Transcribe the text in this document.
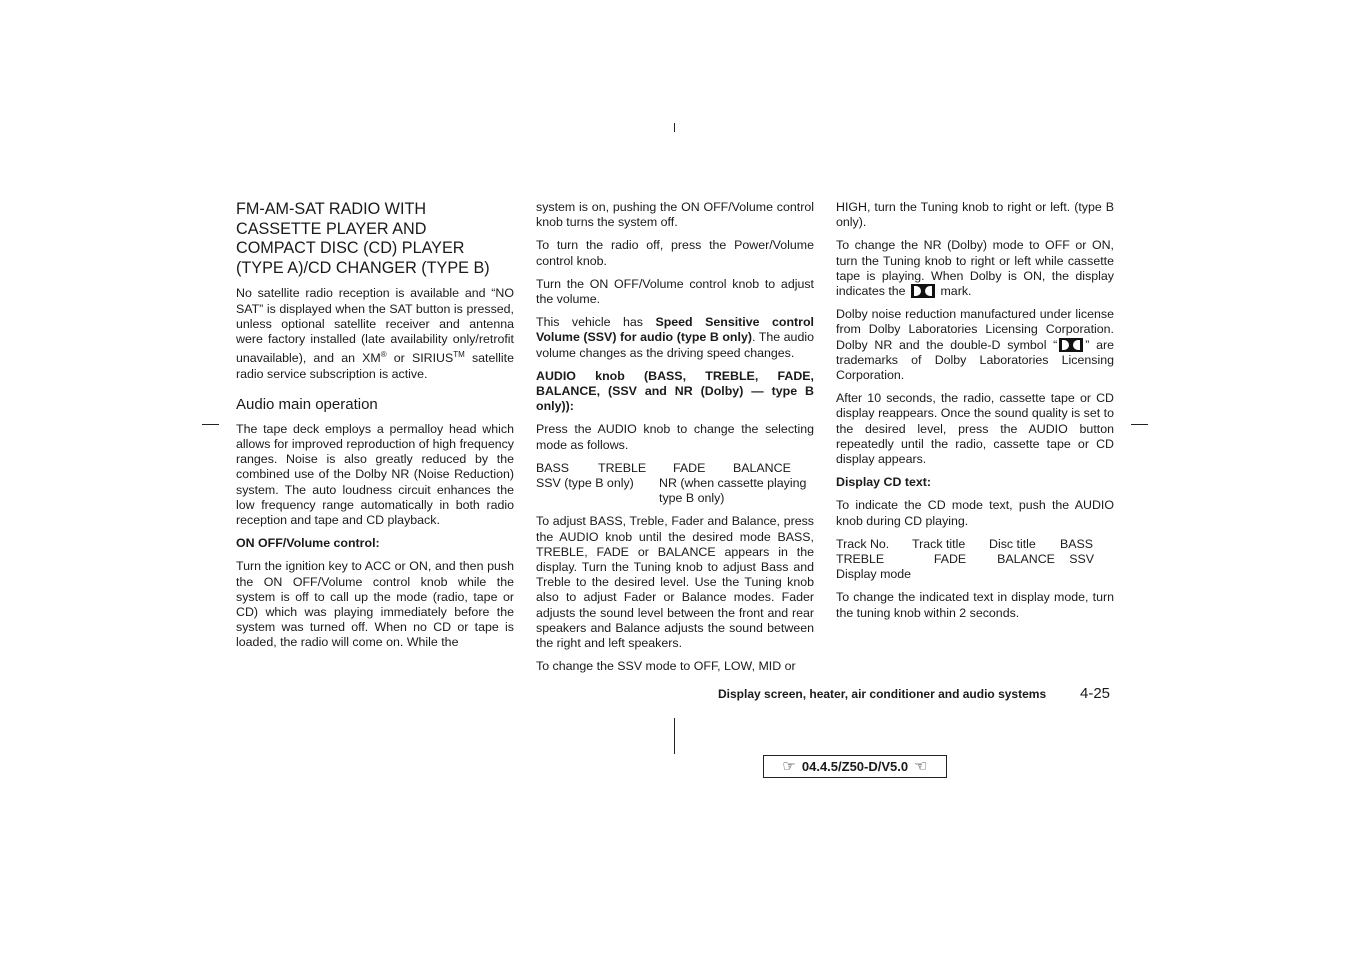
FM-AM-SAT RADIO WITH
CASSETTE PLAYER AND
COMPACT DISC (CD) PLAYER
(TYPE A)/CD CHANGER (TYPE B)

No satellite radio reception is available and “NO SAT” is displayed when the SAT button is pressed, unless optional satellite receiver and antenna were factory installed (late availability only/retrofit unavailable), and an XM® or SIRIUS™ satellite radio service subscription is active.

Audio main operation

The tape deck employs a permalloy head which allows for improved reproduction of high frequency ranges. Noise is also greatly reduced by the combined use of the Dolby NR (Noise Reduction) system. The auto loudness circuit enhances the low frequency range automatically in both radio reception and tape and CD playback.

ON OFF/Volume control:

Turn the ignition key to ACC or ON, and then push the ON OFF/Volume control knob while the system is off to call up the mode (radio, tape or CD) which was playing immediately before the system was turned off. When no CD or tape is loaded, the radio will come on. While the

system is on, pushing the ON OFF/Volume control knob turns the system off.

To turn the radio off, press the Power/Volume control knob.

Turn the ON OFF/Volume control knob to adjust the volume.

This vehicle has Speed Sensitive control Volume (SSV) for audio (type B only). The audio volume changes as the driving speed changes.

AUDIO knob (BASS, TREBLE, FADE, BALANCE, (SSV and NR (Dolby) — type B only)):

Press the AUDIO knob to change the selecting mode as follows.

BASS	TREBLE	FADE	BALANCE
SSV (type B only)	NR (when cassette playing type B only)

To adjust BASS, Treble, Fader and Balance, press the AUDIO knob until the desired mode BASS, TREBLE, FADE or BALANCE appears in the display. Turn the Tuning knob to adjust Bass and Treble to the desired level. Use the Tuning knob also to adjust Fader or Balance modes. Fader adjusts the sound level between the front and rear speakers and Balance adjusts the sound between the right and left speakers.

To change the SSV mode to OFF, LOW, MID or

HIGH, turn the Tuning knob to right or left. (type B only).

To change the NR (Dolby) mode to OFF or ON, turn the Tuning knob to right or left while cassette tape is playing. When Dolby is ON, the display indicates the	mark.

Dolby noise reduction manufactured under license from Dolby Laboratories Licensing Corporation. Dolby NR and the double-D symbol “ ” are trademarks of Dolby Laboratories Licensing Corporation.

After 10 seconds, the radio, cassette tape or CD display reappears. Once the sound quality is set to the desired level, press the AUDIO button repeatedly until the radio, cassette tape or CD display appears.

Display CD text:

To indicate the CD mode text, push the AUDIO knob during CD playing.

Track No.	Track title	Disc title	BASS
TREBLE	FADE	BALANCE	SSV
Display mode

To change the indicated text in display mode, turn the tuning knob within 2 seconds.

Display screen, heater, air conditioner and audio systems 4-25
☞ 04.4.5/Z50-D/V5.0 ☜
